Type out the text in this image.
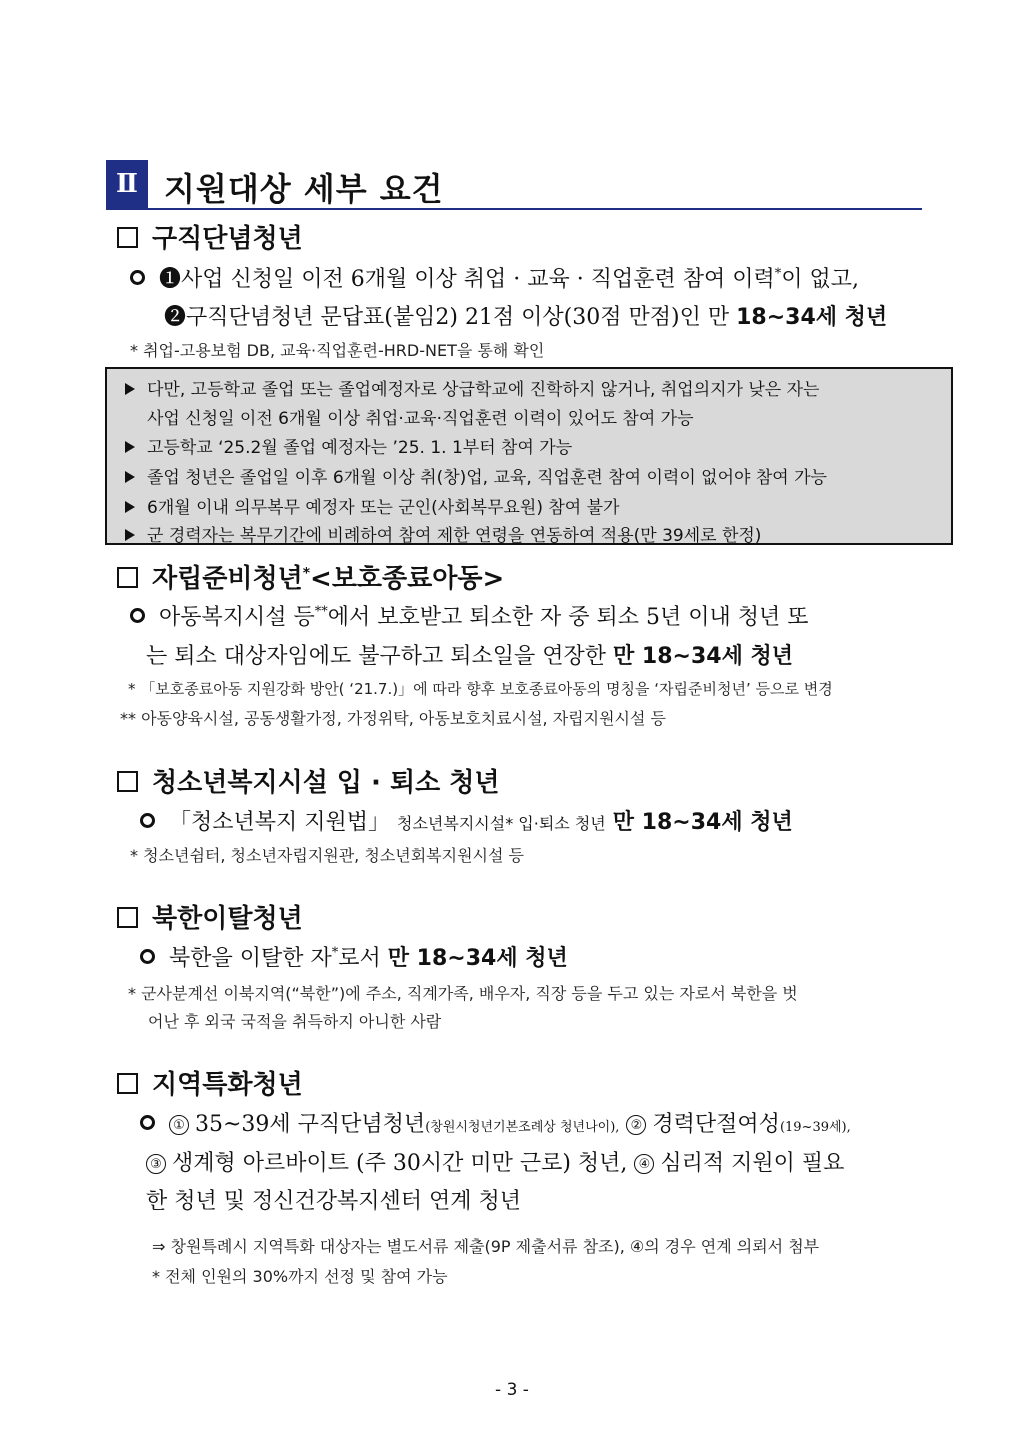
Ⅱ 지원대상 세부 요건
구직단념청년
❶사업 신청일 이전 6개월 이상 취업 · 교육 · 직업훈련 참여 이력*이 없고,
❷구직단념청년 문답표(붙임2) 21점 이상(30점 만점)인 만 18~34세 청년
* 취업-고용보험 DB, 교육·직업훈련-HRD-NET을 통해 확인
다만, 고등학교 졸업 또는 졸업예정자로 상급학교에 진학하지 않거나, 취업의지가 낮은 자는
사업 신청일 이전 6개월 이상 취업·교육·직업훈련 이력이 있어도 참여 가능
고등학교 ‘25.2월 졸업 예정자는 ’25. 1. 1부터 참여 가능
졸업 청년은 졸업일 이후 6개월 이상 취(창)업, 교육, 직업훈련 참여 이력이 없어야 참여 가능
6개월 이내 의무복무 예정자 또는 군인(사회복무요원) 참여 불가
군 경력자는 복무기간에 비례하여 참여 제한 연령을 연동하여 적용(만 39세로 한정)
자립준비청년*<보호종료아동>
아동복지시설 등**에서 보호받고 퇴소한 자 중 퇴소 5년 이내 청년 또
는 퇴소 대상자임에도 불구하고 퇴소일을 연장한 만 18~34세 청년
* 「보호종료아동 지원강화 방안( ‘21.7.)」에 따라 향후 보호종료아동의 명칭을 ‘자립준비청년’ 등으로 변경
** 아동양육시설, 공동생활가정, 가정위탁, 아동보호치료시설, 자립지원시설 등
청소년복지시설 입 · 퇴소 청년
「청소년복지 지원법」 청소년복지시설* 입·퇴소 청년 만 18~34세 청년
* 청소년쉼터, 청소년자립지원관, 청소년회복지원시설 등
북한이탈청년
북한을 이탈한 자*로서 만 18~34세 청년
* 군사분계선 이북지역(“북한”)에 주소, 직계가족, 배우자, 직장 등을 두고 있는 자로서 북한을 벗
어난 후 외국 국적을 취득하지 아니한 사람
지역특화청년
① 35~39세 구직단념청년(창원시청년기본조례상 청년나이), ② 경력단절여성(19~39세),
③ 생계형 아르바이트 (주 30시간 미만 근로) 청년, ④ 심리적 지원이 필요
한 청년 및 정신건강복지센터 연계 청년
⇒ 창원특례시 지역특화 대상자는 별도서류 제출(9P 제출서류 참조), ④의 경우 연계 의뢰서 첨부
* 전체 인원의 30%까지 선정 및 참여 가능
- 3 -
